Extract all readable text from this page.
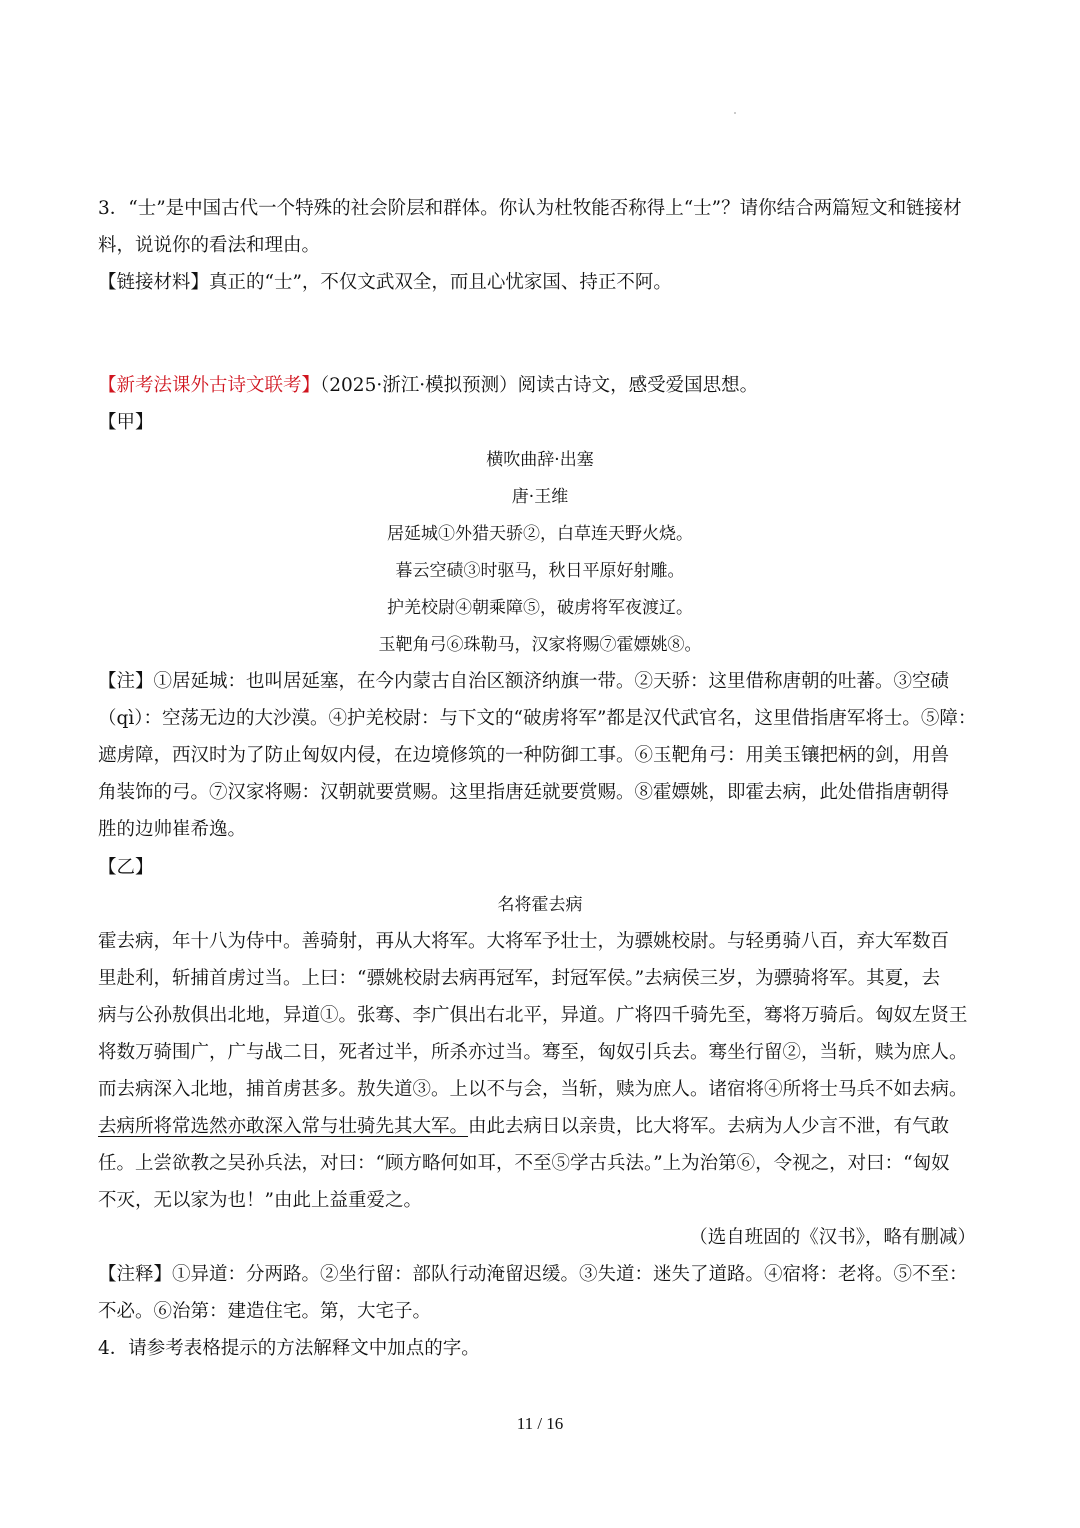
3．“士”是中国古代一个特殊的社会阶层和群体。你认为杜牧能否称得上“士”？请你结合两篇短文和链接材
料，说说你的看法和理由。
【链接材料】真正的“士”，不仅文武双全，而且心忧家国、持正不阿。
【新考法课外古诗文联考】（2025·浙江·模拟预测）阅读古诗文，感受爱国思想。
【甲】
横吹曲辞·出塞
唐·王维
居延城①外猎天骄②，白草连天野火烧。
暮云空碛③时驱马，秋日平原好射雕。
护羌校尉④朝乘障⑤，破虏将军夜渡辽。
玉靶角弓⑥珠勒马，汉家将赐⑦霍嫖姚⑧。
【注】①居延城：也叫居延塞，在今内蒙古自治区额济纳旗一带。②天骄：这里借称唐朝的吐蕃。③空碛
（qì）：空荡无边的大沙漠。④护羌校尉：与下文的“破虏将军”都是汉代武官名，这里借指唐军将士。⑤障：
遮虏障，西汉时为了防止匈奴内侵，在边境修筑的一种防御工事。⑥玉靶角弓：用美玉镶把柄的剑，用兽
角装饰的弓。⑦汉家将赐：汉朝就要赏赐。这里指唐廷就要赏赐。⑧霍嫖姚，即霍去病，此处借指唐朝得
胜的边帅崔希逸。
【乙】
名将霍去病
霍去病，年十八为侍中。善骑射，再从大将军。大将军予壮士，为骠姚校尉。与轻勇骑八百，弃大军数百
里赴利，斩捕首虏过当。上曰：“骠姚校尉去病再冠军，封冠军侯。”去病侯三岁，为骠骑将军。其夏，去
病与公孙敖俱出北地，异道①。张骞、李广俱出右北平，异道。广将四千骑先至，骞将万骑后。匈奴左贤王
将数万骑围广，广与战二日，死者过半，所杀亦过当。骞至，匈奴引兵去。骞坐行留②，当斩，赎为庶人。
而去病深入北地，捕首虏甚多。敖失道③。上以不与会，当斩，赎为庶人。诸宿将④所将士马兵不如去病。
去病所将常选然亦敢深入常与壮骑先其大军。由此去病日以亲贵，比大将军。去病为人少言不泄，有气敢
任。上尝欲教之吴孙兵法，对曰：“顾方略何如耳，不至⑤学古兵法。”上为治第⑥，令视之，对曰：“匈奴
不灭，无以家为也！”由此上益重爱之。
（选自班固的《汉书》，略有删减）
【注释】①异道：分两路。②坐行留：部队行动淹留迟缓。③失道：迷失了道路。④宿将：老将。⑤不至：
不必。⑥治第：建造住宅。第，大宅子。
4．请参考表格提示的方法解释文中加点的字。
11 / 16
